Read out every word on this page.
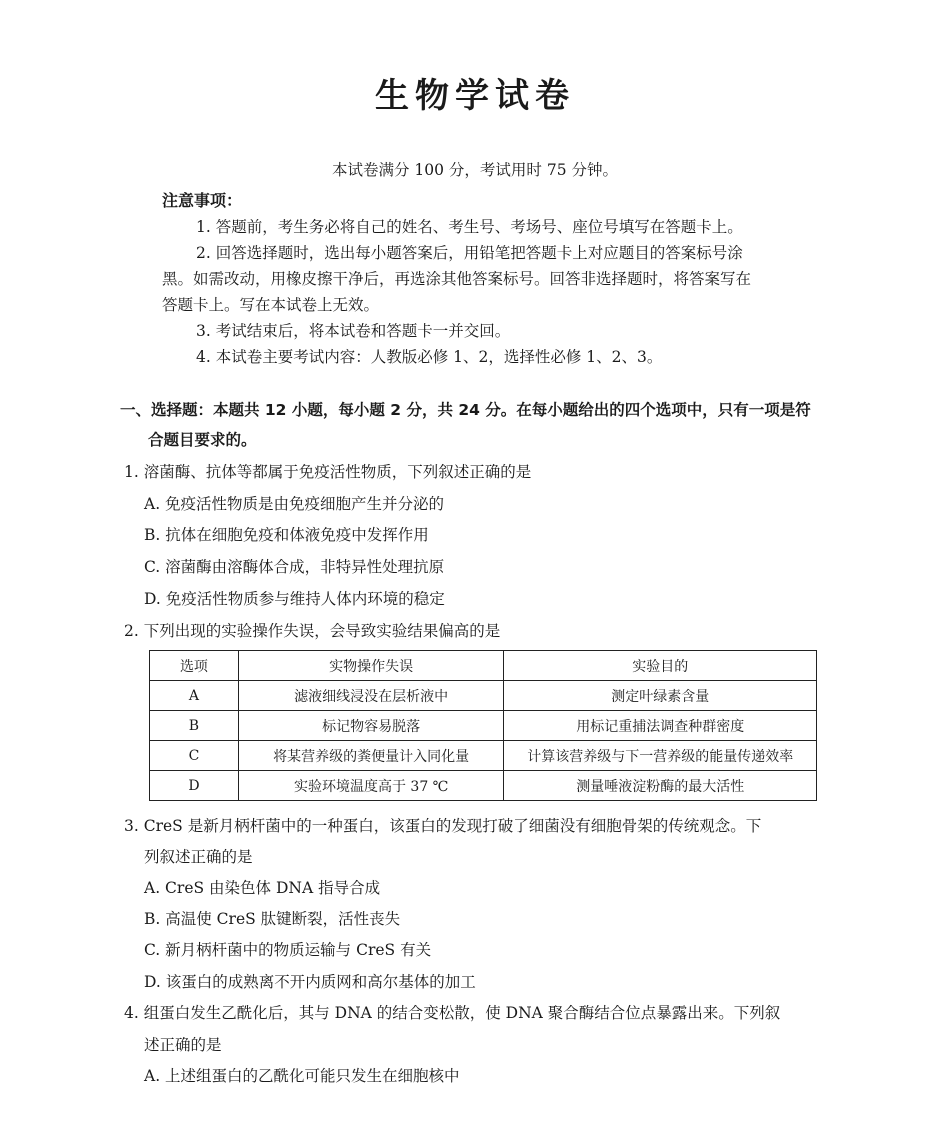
生物学试卷
本试卷满分 100 分，考试用时 75 分钟。
注意事项：
1. 答题前，考生务必将自己的姓名、考生号、考场号、座位号填写在答题卡上。
2. 回答选择题时，选出每小题答案后，用铅笔把答题卡上对应题目的答案标号涂
黑。如需改动，用橡皮擦干净后，再选涂其他答案标号。回答非选择题时，将答案写在
答题卡上。写在本试卷上无效。
3. 考试结束后，将本试卷和答题卡一并交回。
4. 本试卷主要考试内容：人教版必修 1、2，选择性必修 1、2、3。
一、选择题：本题共 12 小题，每小题 2 分，共 24 分。在每小题给出的四个选项中，只有一项是符
合题目要求的。
1. 溶菌酶、抗体等都属于免疫活性物质，下列叙述正确的是
A. 免疫活性物质是由免疫细胞产生并分泌的
B. 抗体在细胞免疫和体液免疫中发挥作用
C. 溶菌酶由溶酶体合成，非特异性处理抗原
D. 免疫活性物质参与维持人体内环境的稳定
2. 下列出现的实验操作失误，会导致实验结果偏高的是
选项	实物操作失误	实验目的
A	滤液细线浸没在层析液中	测定叶绿素含量
B	标记物容易脱落	用标记重捕法调查种群密度
C	将某营养级的粪便量计入同化量	计算该营养级与下一营养级的能量传递效率
D	实验环境温度高于 37 ℃	测量唾液淀粉酶的最大活性
3. CreS 是新月柄杆菌中的一种蛋白，该蛋白的发现打破了细菌没有细胞骨架的传统观念。下
列叙述正确的是
A. CreS 由染色体 DNA 指导合成
B. 高温使 CreS 肽键断裂，活性丧失
C. 新月柄杆菌中的物质运输与 CreS 有关
D. 该蛋白的成熟离不开内质网和高尔基体的加工
4. 组蛋白发生乙酰化后，其与 DNA 的结合变松散，使 DNA 聚合酶结合位点暴露出来。下列叙
述正确的是
A. 上述组蛋白的乙酰化可能只发生在细胞核中
